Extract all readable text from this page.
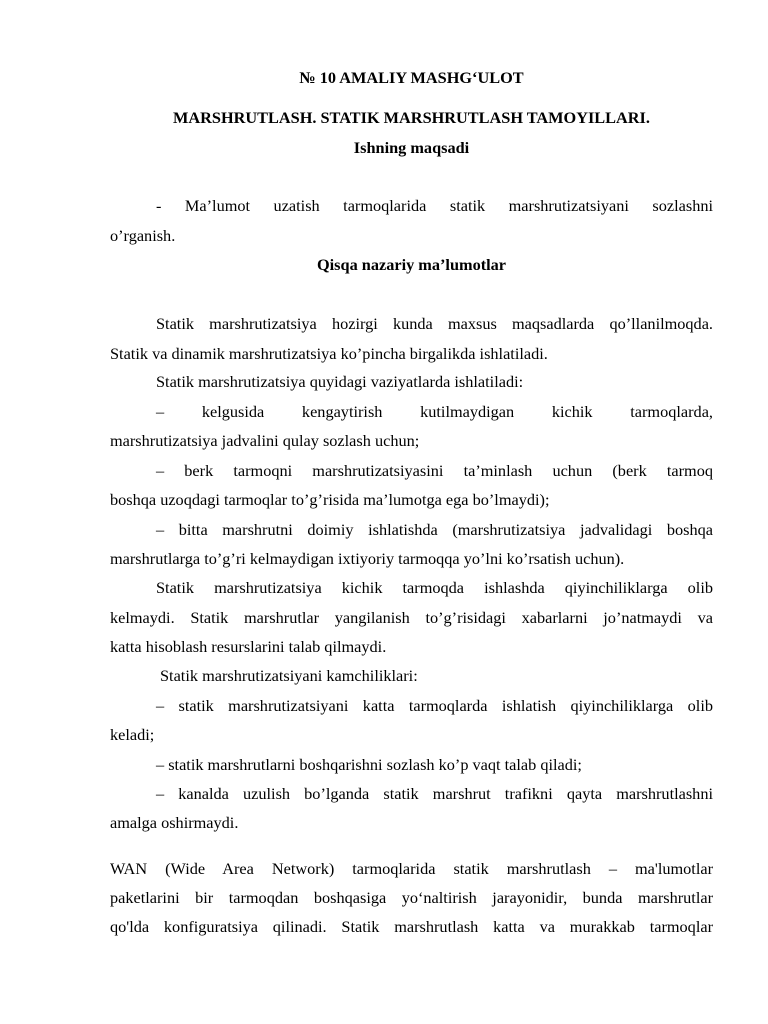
№ 10 AMALIY MASHG‘ULOT
MARSHRUTLASH. STATIK MARSHRUTLASH TAMOYILLARI.
Ishning maqsadi
- Ma’lumot uzatish tarmoqlarida statik marshrutizatsiyani sozlashni
o’rganish.
Qisqa nazariy ma’lumotlar
Statik marshrutizatsiya hozirgi kunda maxsus maqsadlarda qo’llanilmoqda.
Statik va dinamik marshrutizatsiya ko’pincha birgalikda ishlatiladi.
Statik marshrutizatsiya quyidagi vaziyatlarda ishlatiladi:
– kelgusida kengaytirish kutilmaydigan kichik tarmoqlarda,
marshrutizatsiya jadvalini qulay sozlash uchun;
– berk tarmoqni marshrutizatsiyasini ta’minlash uchun (berk tarmoq
boshqa uzoqdagi tarmoqlar to’g’risida ma’lumotga ega bo’lmaydi);
– bitta marshrutni doimiy ishlatishda (marshrutizatsiya jadvalidagi boshqa
marshrutlarga to’g’ri kelmaydigan ixtiyoriy tarmoqqa yo’lni ko’rsatish uchun).
Statik marshrutizatsiya kichik tarmoqda ishlashda qiyinchiliklarga olib
kelmaydi. Statik marshrutlar yangilanish to’g’risidagi xabarlarni jo’natmaydi va
katta hisoblash resurslarini talab qilmaydi.
Statik marshrutizatsiyani kamchiliklari:
– statik marshrutizatsiyani katta tarmoqlarda ishlatish qiyinchiliklarga olib
keladi;
– statik marshrutlarni boshqarishni sozlash ko’p vaqt talab qiladi;
– kanalda uzulish bo’lganda statik marshrut trafikni qayta marshrutlashni
amalga oshirmaydi.
WAN (Wide Area Network) tarmoqlarida statik marshrutlash – ma'lumotlar
paketlarini bir tarmoqdan boshqasiga yo‘naltirish jarayonidir, bunda marshrutlar
qo'lda konfiguratsiya qilinadi. Statik marshrutlash katta va murakkab tarmoqlar
